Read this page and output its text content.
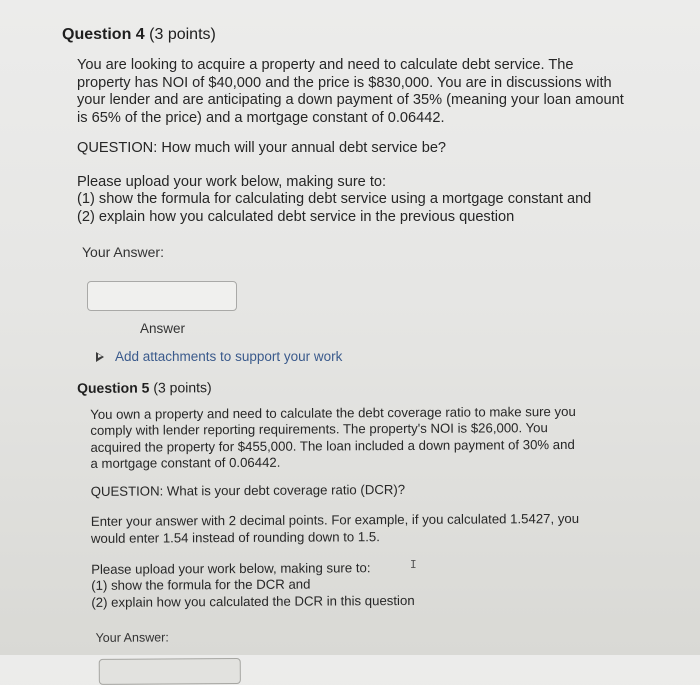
Question 4 (3 points)

You are looking to acquire a property and need to calculate debt service. The
property has NOI of $40,000 and the price is $830,000. You are in discussions with
your lender and are anticipating a down payment of 35% (meaning your loan amount
is 65% of the price) and a mortgage constant of 0.06442.

QUESTION: How much will your annual debt service be?

Please upload your work below, making sure to:
(1) show the formula for calculating debt service using a mortgage constant and
(2) explain how you calculated debt service in the previous question

Your Answer:
Answer
Add attachments to support your work
Question 5 (3 points)

You own a property and need to calculate the debt coverage ratio to make sure you
comply with lender reporting requirements. The property's NOI is $26,000. You
acquired the property for $455,000. The loan included a down payment of 30% and
a mortgage constant of 0.06442.

QUESTION: What is your debt coverage ratio (DCR)?

Enter your answer with 2 decimal points. For example, if you calculated 1.5427, you
would enter 1.54 instead of rounding down to 1.5.

Please upload your work below, making sure to:
(1) show the formula for the DCR and
(2) explain how you calculated the DCR in this question

Your Answer:
I
